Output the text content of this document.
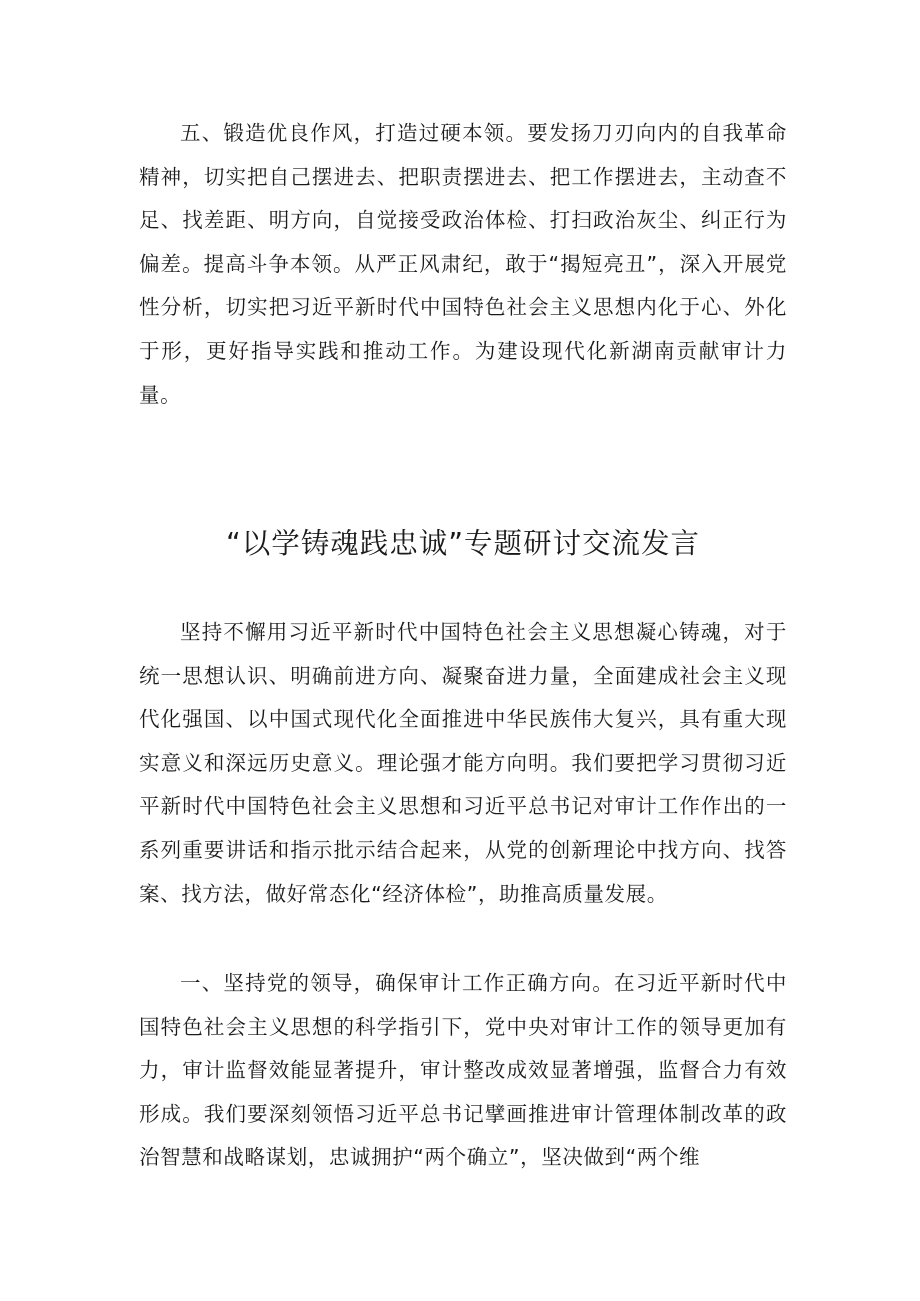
五、锻造优良作风，打造过硬本领。要发扬刀刃向内的自我革命精神，切实把自己摆进去、把职责摆进去、把工作摆进去，主动查不足、找差距、明方向，自觉接受政治体检、打扫政治灰尘、纠正行为偏差。提高斗争本领。从严正风肃纪，敢于“揭短亮丑”，深入开展党性分析，切实把习近平新时代中国特色社会主义思想内化于心、外化于形，更好指导实践和推动工作。为建设现代化新湖南贡献审计力量。

“以学铸魂践忠诚”专题研讨交流发言

坚持不懈用习近平新时代中国特色社会主义思想凝心铸魂，对于统一思想认识、明确前进方向、凝聚奋进力量，全面建成社会主义现代化强国、以中国式现代化全面推进中华民族伟大复兴，具有重大现实意义和深远历史意义。理论强才能方向明。我们要把学习贯彻习近平新时代中国特色社会主义思想和习近平总书记对审计工作作出的一系列重要讲话和指示批示结合起来，从党的创新理论中找方向、找答案、找方法，做好常态化“经济体检”，助推高质量发展。

一、坚持党的领导，确保审计工作正确方向。在习近平新时代中国特色社会主义思想的科学指引下，党中央对审计工作的领导更加有力，审计监督效能显著提升，审计整改成效显著增强，监督合力有效形成。我们要深刻领悟习近平总书记擘画推进审计管理体制改革的政治智慧和战略谋划，忠诚拥护“两个确立”，坚决做到“两个维
